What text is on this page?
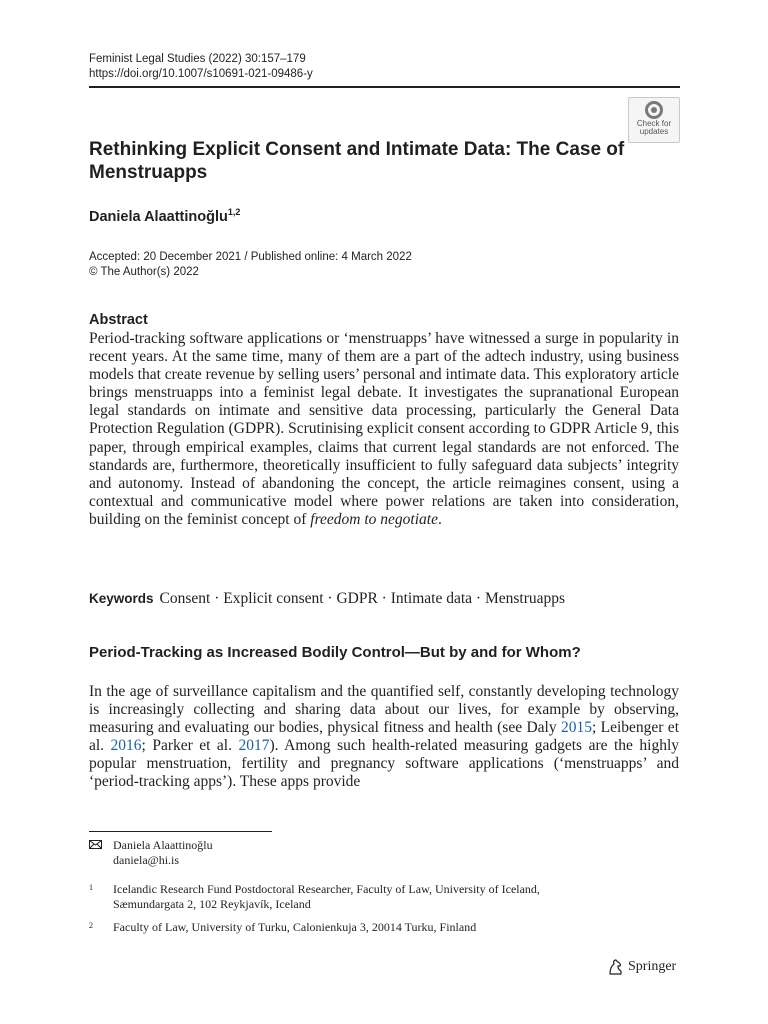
Feminist Legal Studies (2022) 30:157–179
https://doi.org/10.1007/s10691-021-09486-y
Check for
updates
Rethinking Explicit Consent and Intimate Data: The Case of Menstruapps
Daniela Alaattinoğlu$^{1,2}$
Accepted: 20 December 2021 / Published online: 4 March 2022
© The Author(s) 2022
Abstract

Period-tracking software applications or ‘menstruapps’ have witnessed a surge in popularity in recent years. At the same time, many of them are a part of the adtech industry, using business models that create revenue by selling users’ personal and intimate data. This exploratory article brings menstruapps into a feminist legal debate. It investigates the supranational European legal standards on intimate and sensitive data processing, particularly the General Data Protection Regulation (GDPR). Scrutinising explicit consent according to GDPR Article 9, this paper, through empirical examples, claims that current legal standards are not enforced. The standards are, furthermore, theoretically insufficient to fully safeguard data subjects’ integrity and autonomy. Instead of abandoning the concept, the article reimagines consent, using a contextual and communicative model where power relations are taken into consideration, building on the feminist concept of freedom to negotiate.

Keywords Consent · Explicit consent · GDPR · Intimate data · Menstruapps
Period-Tracking as Increased Bodily Control—But by and for Whom?

In the age of surveillance capitalism and the quantified self, constantly developing technology is increasingly collecting and sharing data about our lives, for example by observing, measuring and evaluating our bodies, physical fitness and health (see Daly 2015; Leibenger et al. 2016; Parker et al. 2017). Among such health-related measuring gadgets are the highly popular menstruation, fertility and pregnancy software applications (‘menstruapps’ and ‘period-tracking apps’). These apps provide

Daniela Alaattinoğlu
daniela@hi.is
1 Icelandic Research Fund Postdoctoral Researcher, Faculty of Law, University of Iceland,
Sæmundargata 2, 102 Reykjavík, Iceland
2 Faculty of Law, University of Turku, Calonienkuja 3, 20014 Turku, Finland
Springer
